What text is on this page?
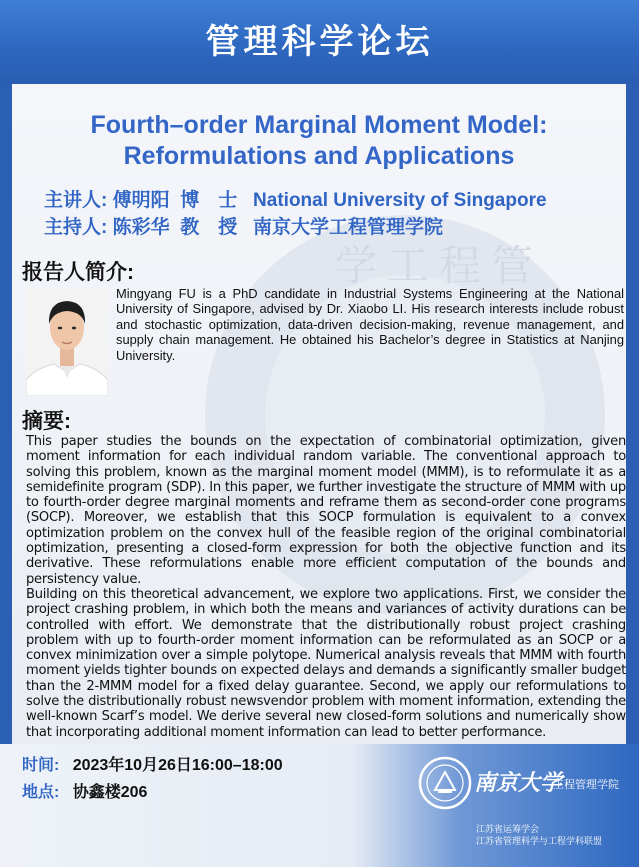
管理科学论坛
学工程管
Fourth–order Marginal Moment Model:
Reformulations and Applications
主讲人: 傅明阳 博　士 National University of Singapore
主持人: 陈彩华 教　授 南京大学工程管理学院
报告人简介:
Mingyang FU is a PhD candidate in Industrial Systems Engineering at the National University of Singapore, advised by Dr. Xiaobo LI. His research interests include robust and stochastic optimization, data-driven decision-making, revenue management, and supply chain management. He obtained his Bachelor’s degree in Statistics at Nanjing University.
摘要:

This paper studies the bounds on the expectation of combinatorial optimization, given moment information for each individual random variable. The conventional approach to solving this problem, known as the marginal moment model (MMM), is to reformulate it as a semidefinite program (SDP). In this paper, we further investigate the structure of MMM with up to fourth-order degree marginal moments and reframe them as second-order cone programs (SOCP). Moreover, we establish that this SOCP formulation is equivalent to a convex optimization problem on the convex hull of the feasible region of the original combinatorial optimization, presenting a closed-form expression for both the objective function and its derivative. These reformulations enable more efficient computation of the bounds and persistency value.

Building on this theoretical advancement, we explore two applications. First, we consider the project crashing problem, in which both the means and variances of activity durations can be controlled with effort. We demonstrate that the distributionally robust project crashing problem with up to fourth-order moment information can be reformulated as an SOCP or a convex minimization over a simple polytope. Numerical analysis reveals that MMM with fourth moment yields tighter bounds on expected delays and demands a significantly smaller budget than the 2-MMM model for a fixed delay guarantee. Second, we apply our reformulations to solve the distributionally robust newsvendor problem with moment information, extending the well-known Scarf’s model. We derive several new closed-form solutions and numerically show that incorporating additional moment information can lead to better performance.

时间: 2023年10月26日16:00–18:00
地点: 协鑫楼206	南京大学
工程管理学院
江苏省运筹学会
江苏省管理科学与工程学科联盟
